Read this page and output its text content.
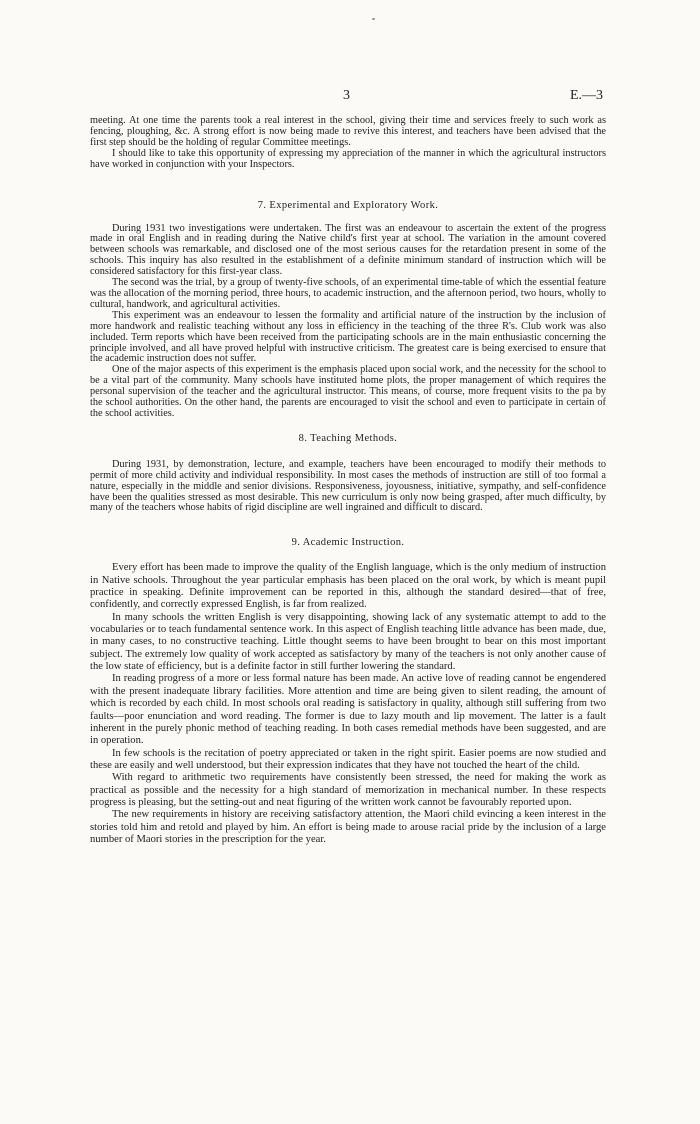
3	E.—3

meeting. At one time the parents took a real interest in the school, giving their time and services freely to such work as fencing, ploughing, &c. A strong effort is now being made to revive this interest, and teachers have been advised that the first step should be the holding of regular Committee meetings.

I should like to take this opportunity of expressing my appreciation of the manner in which the agricultural instructors have worked in conjunction with your Inspectors.

7. Experimental and Exploratory Work.

During 1931 two investigations were undertaken. The first was an endeavour to ascertain the extent of the progress made in oral English and in reading during the Native child's first year at school. The variation in the amount covered between schools was remarkable, and disclosed one of the most serious causes for the retardation present in some of the schools. This inquiry has also resulted in the establishment of a definite minimum standard of instruction which will be considered satisfactory for this first-year class.

The second was the trial, by a group of twenty-five schools, of an experimental time-table of which the essential feature was the allocation of the morning period, three hours, to academic instruction, and the afternoon period, two hours, wholly to cultural, handwork, and agricultural activities.

This experiment was an endeavour to lessen the formality and artificial nature of the instruction by the inclusion of more handwork and realistic teaching without any loss in efficiency in the teaching of the three R's. Club work was also included. Term reports which have been received from the participating schools are in the main enthusiastic concerning the principle involved, and all have proved helpful with instructive criticism. The greatest care is being exercised to ensure that the academic instruction does not suffer.

One of the major aspects of this experiment is the emphasis placed upon social work, and the necessity for the school to be a vital part of the community. Many schools have instituted home plots, the proper management of which requires the personal supervision of the teacher and the agricultural instructor. This means, of course, more frequent visits to the pa by the school authorities. On the other hand, the parents are encouraged to visit the school and even to participate in certain of the school activities.

8. Teaching Methods.

During 1931, by demonstration, lecture, and example, teachers have been encouraged to modify their methods to permit of more child activity and individual responsibility. In most cases the methods of instruction are still of too formal a nature, especially in the middle and senior divisions. Responsiveness, joyousness, initiative, sympathy, and self-confidence have been the qualities stressed as most desirable. This new curriculum is only now being grasped, after much difficulty, by many of the teachers whose habits of rigid discipline are well ingrained and difficult to discard.

9. Academic Instruction.

Every effort has been made to improve the quality of the English language, which is the only medium of instruction in Native schools. Throughout the year particular emphasis has been placed on the oral work, by which is meant pupil practice in speaking. Definite improvement can be reported in this, although the standard desired—that of free, confidently, and correctly expressed English, is far from realized.

In many schools the written English is very disappointing, showing lack of any systematic attempt to add to the vocabularies or to teach fundamental sentence work. In this aspect of English teaching little advance has been made, due, in many cases, to no constructive teaching. Little thought seems to have been brought to bear on this most important subject. The extremely low quality of work accepted as satisfactory by many of the teachers is not only another cause of the low state of efficiency, but is a definite factor in still further lowering the standard.

In reading progress of a more or less formal nature has been made. An active love of reading cannot be engendered with the present inadequate library facilities. More attention and time are being given to silent reading, the amount of which is recorded by each child. In most schools oral reading is satisfactory in quality, although still suffering from two faults—poor enunciation and word reading. The former is due to lazy mouth and lip movement. The latter is a fault inherent in the purely phonic method of teaching reading. In both cases remedial methods have been suggested, and are in operation.

In few schools is the recitation of poetry appreciated or taken in the right spirit. Easier poems are now studied and these are easily and well understood, but their expression indicates that they have not touched the heart of the child.

With regard to arithmetic two requirements have consistently been stressed, the need for making the work as practical as possible and the necessity for a high standard of memorization in mechanical number. In these respects progress is pleasing, but the setting-out and neat figuring of the written work cannot be favourably reported upon.

The new requirements in history are receiving satisfactory attention, the Maori child evincing a keen interest in the stories told him and retold and played by him. An effort is being made to arouse racial pride by the inclusion of a large number of Maori stories in the prescription for the year.
